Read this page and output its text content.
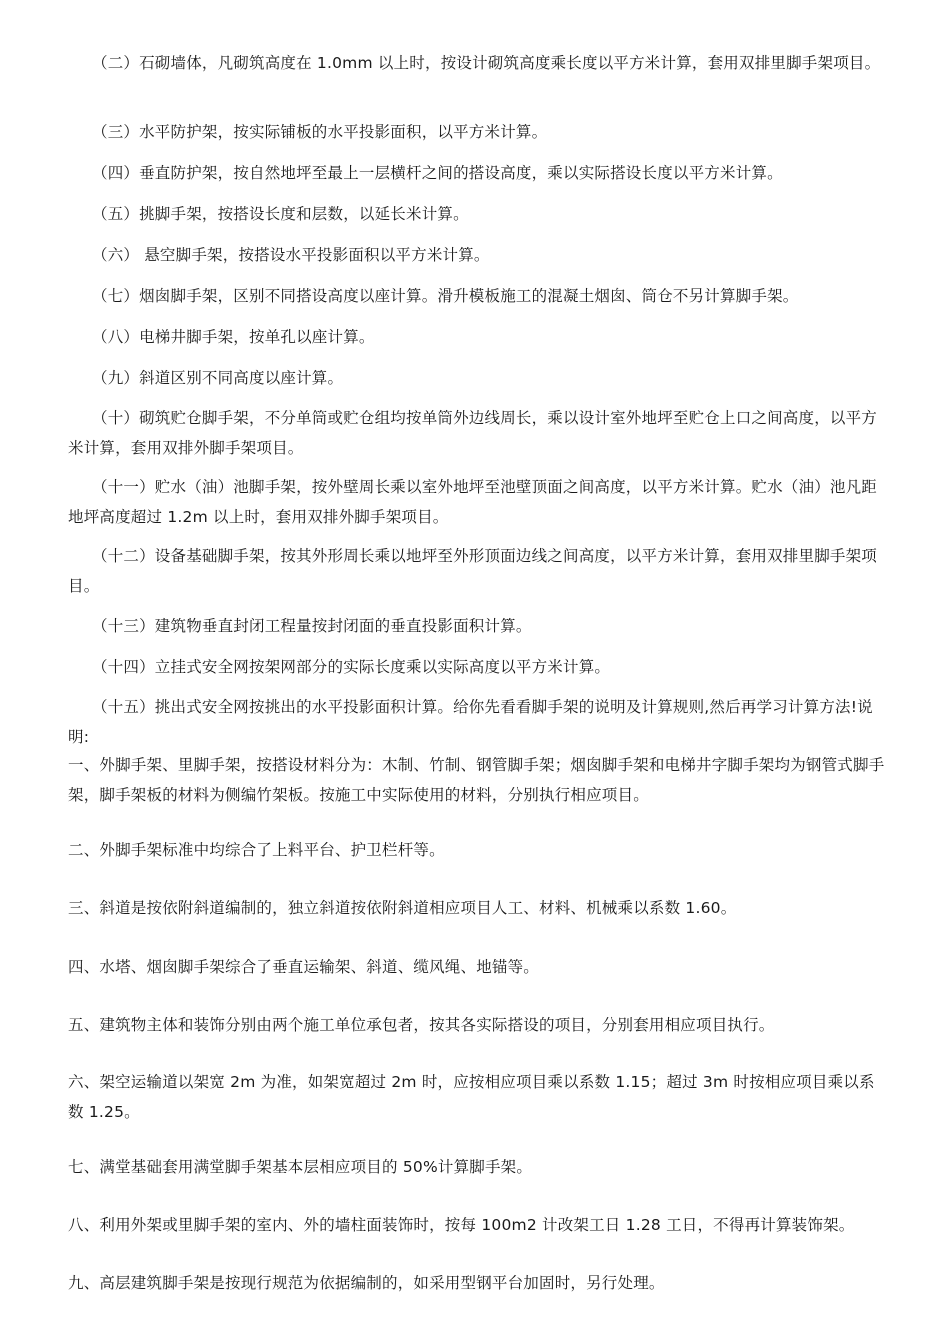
（二）石砌墙体，凡砌筑高度在 1.0mm 以上时，按设计砌筑高度乘长度以平方米计算，套用双排里脚手架项目。

（三）水平防护架，按实际铺板的水平投影面积，以平方米计算。

（四）垂直防护架，按自然地坪至最上一层横杆之间的搭设高度，乘以实际搭设长度以平方米计算。

（五）挑脚手架，按搭设长度和层数，以延长米计算。

（六） 悬空脚手架，按搭设水平投影面积以平方米计算。

（七）烟囱脚手架，区别不同搭设高度以座计算。滑升模板施工的混凝土烟囱、筒仓不另计算脚手架。

（八）电梯井脚手架，按单孔以座计算。

（九）斜道区别不同高度以座计算。

（十）砌筑贮仓脚手架，不分单筒或贮仓组均按单筒外边线周长，乘以设计室外地坪至贮仓上口之间高度，以平方米计算，套用双排外脚手架项目。

（十一）贮水（油）池脚手架，按外壁周长乘以室外地坪至池壁顶面之间高度，以平方米计算。贮水（油）池凡距地坪高度超过 1.2m 以上时，套用双排外脚手架项目。

（十二）设备基础脚手架，按其外形周长乘以地坪至外形顶面边线之间高度，以平方米计算，套用双排里脚手架项目。

（十三）建筑物垂直封闭工程量按封闭面的垂直投影面积计算。

（十四）立挂式安全网按架网部分的实际长度乘以实际高度以平方米计算。

（十五）挑出式安全网按挑出的水平投影面积计算。给你先看看脚手架的说明及计算规则,然后再学习计算方法!说明:

一、外脚手架、里脚手架，按搭设材料分为：木制、竹制、钢管脚手架；烟囱脚手架和电梯井字脚手架均为钢管式脚手架，脚手架板的材料为侧编竹架板。按施工中实际使用的材料，分别执行相应项目。

二、外脚手架标准中均综合了上料平台、护卫栏杆等。

三、斜道是按依附斜道编制的，独立斜道按依附斜道相应项目人工、材料、机械乘以系数 1.60。

四、水塔、烟囱脚手架综合了垂直运输架、斜道、缆风绳、地锚等。

五、建筑物主体和装饰分别由两个施工单位承包者，按其各实际搭设的项目，分别套用相应项目执行。

六、架空运输道以架宽 2m 为准，如架宽超过 2m 时，应按相应项目乘以系数 1.15；超过 3m 时按相应项目乘以系数 1.25。

七、满堂基础套用满堂脚手架基本层相应项目的 50%计算脚手架。

八、利用外架或里脚手架的室内、外的墙柱面装饰时，按每 100m2 计改架工日 1.28 工日，不得再计算装饰架。

九、高层建筑脚手架是按现行规范为依据编制的，如采用型钢平台加固时，另行处理。
